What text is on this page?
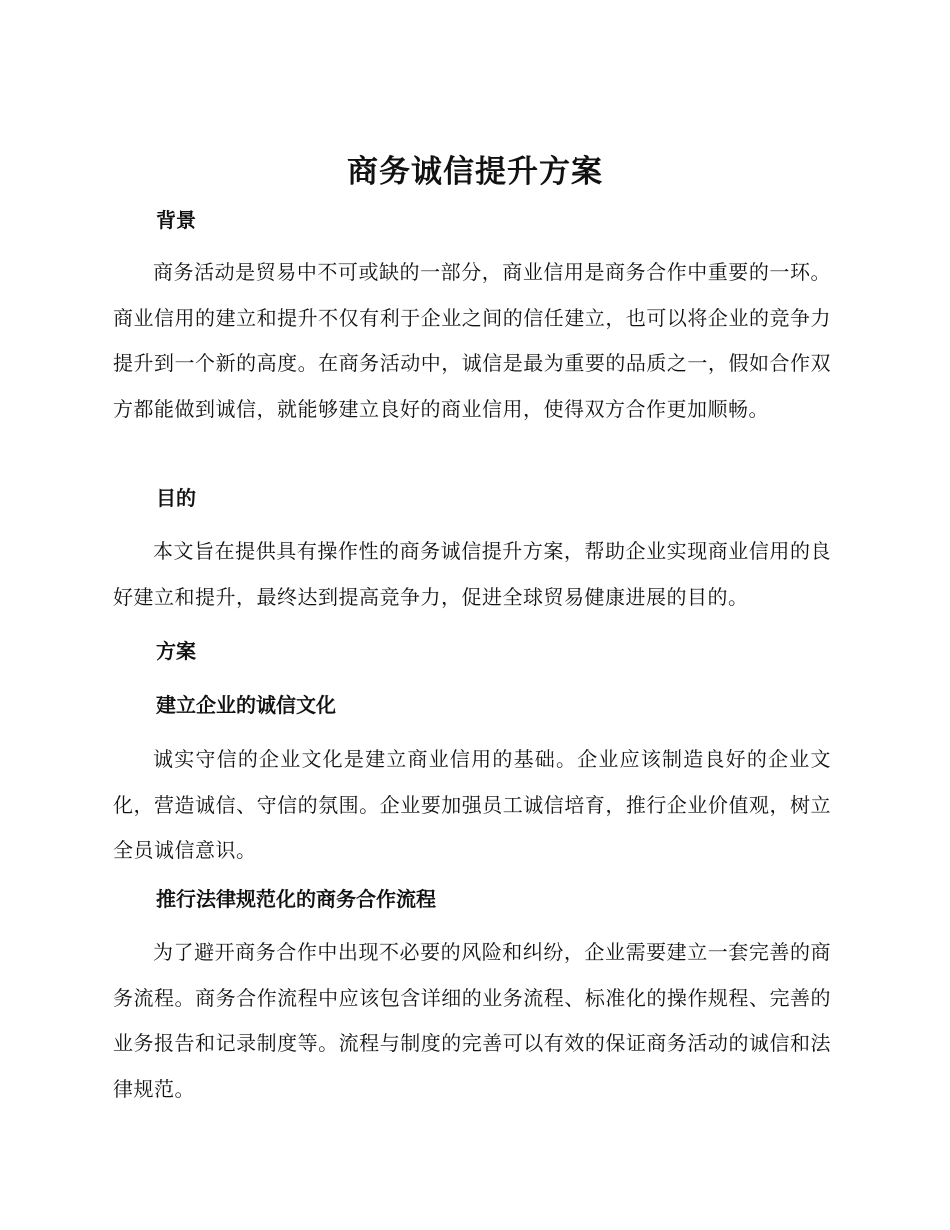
商务诚信提升方案
背景

商务活动是贸易中不可或缺的一部分，商业信用是商务合作中重要的一环。商业信用的建立和提升不仅有利于企业之间的信任建立，也可以将企业的竞争力提升到一个新的高度。在商务活动中，诚信是最为重要的品质之一，假如合作双方都能做到诚信，就能够建立良好的商业信用，使得双方合作更加顺畅。

目的

本文旨在提供具有操作性的商务诚信提升方案，帮助企业实现商业信用的良好建立和提升，最终达到提高竞争力，促进全球贸易健康进展的目的。

方案
建立企业的诚信文化

诚实守信的企业文化是建立商业信用的基础。企业应该制造良好的企业文化，营造诚信、守信的氛围。企业要加强员工诚信培育，推行企业价值观，树立全员诚信意识。

推行法律规范化的商务合作流程

为了避开商务合作中出现不必要的风险和纠纷，企业需要建立一套完善的商务流程。商务合作流程中应该包含详细的业务流程、标准化的操作规程、完善的业务报告和记录制度等。流程与制度的完善可以有效的保证商务活动的诚信和法律规范。
